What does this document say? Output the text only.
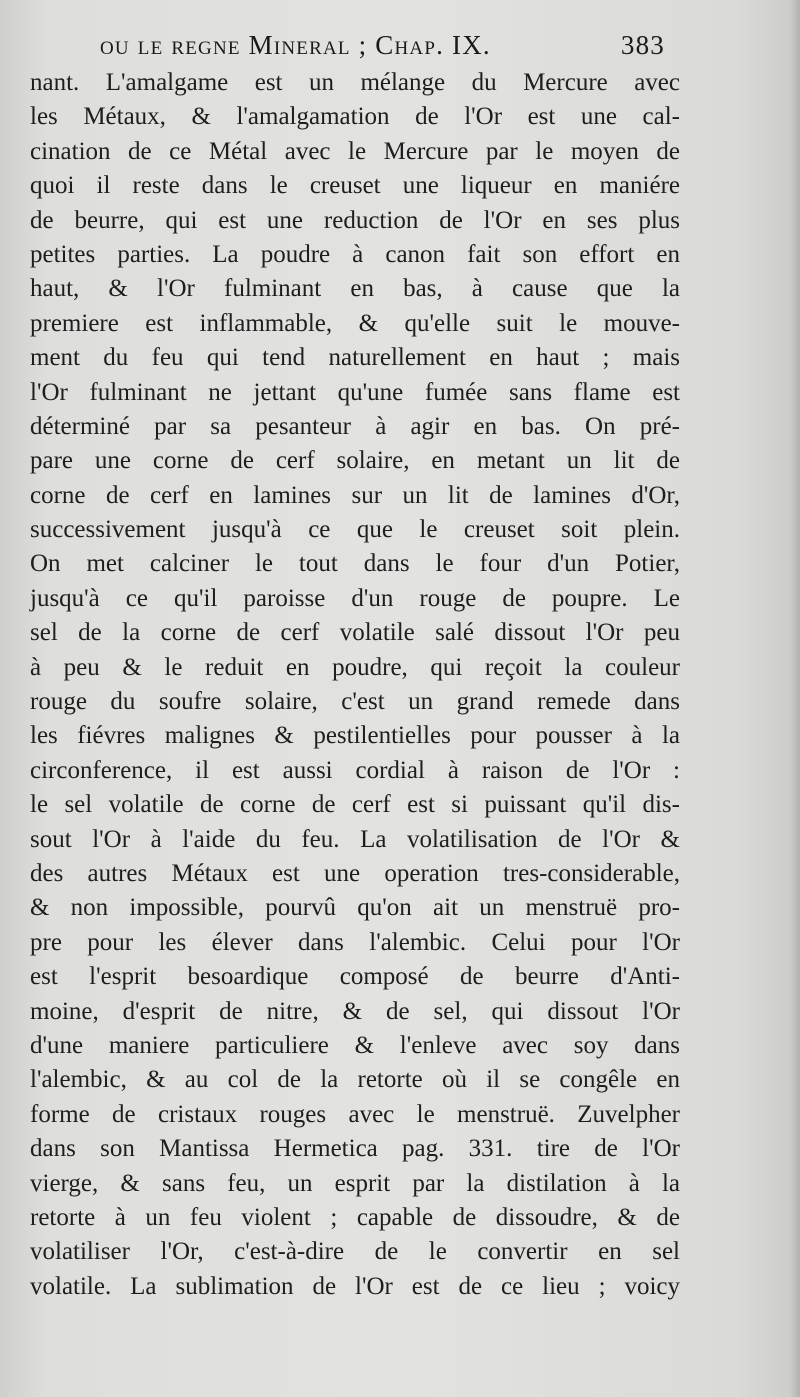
ou le regne Mineral ; Chap. IX.	383
nant. L'amalgame est un mélange du Mercure avec
les Métaux, & l'amalgamation de l'Or est une cal-
cination de ce Métal avec le Mercure par le moyen de
quoi il reste dans le creuset une liqueur en maniére
de beurre, qui est une reduction de l'Or en ses plus
petites parties. La poudre à canon fait son effort en
haut, & l'Or fulminant en bas, à cause que la
premiere est inflammable, & qu'elle suit le mouve-
ment du feu qui tend naturellement en haut ; mais
l'Or fulminant ne jettant qu'une fumée sans flame est
déterminé par sa pesanteur à agir en bas. On pré-
pare une corne de cerf solaire, en metant un lit de
corne de cerf en lamines sur un lit de lamines d'Or,
successivement jusqu'à ce que le creuset soit plein.
On met calciner le tout dans le four d'un Potier,
jusqu'à ce qu'il paroisse d'un rouge de poupre. Le
sel de la corne de cerf volatile salé dissout l'Or peu
à peu & le reduit en poudre, qui reçoit la couleur
rouge du soufre solaire, c'est un grand remede dans
les fiévres malignes & pestilentielles pour pousser à la
circonference, il est aussi cordial à raison de l'Or :
le sel volatile de corne de cerf est si puissant qu'il dis-
sout l'Or à l'aide du feu. La volatilisation de l'Or &
des autres Métaux est une operation tres-considerable,
& non impossible, pourvû qu'on ait un menstruë pro-
pre pour les élever dans l'alembic. Celui pour l'Or
est l'esprit besoardique composé de beurre d'Anti-
moine, d'esprit de nitre, & de sel, qui dissout l'Or
d'une maniere particuliere & l'enleve avec soy dans
l'alembic, & au col de la retorte où il se congêle en
forme de cristaux rouges avec le menstruë. Zuvelpher
dans son Mantissa Hermetica pag. 331. tire de l'Or
vierge, & sans feu, un esprit par la distilation à la
retorte à un feu violent ; capable de dissoudre, & de
volatiliser l'Or, c'est-à-dire de le convertir en sel
volatile. La sublimation de l'Or est de ce lieu ; voicy
